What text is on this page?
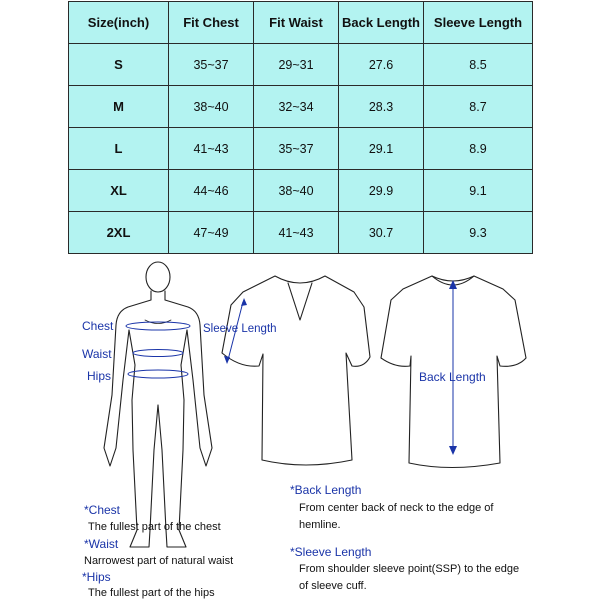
Size(inch)	Fit Chest	Fit Waist	Back Length	Sleeve Length
S	35~37	29~31	27.6	8.5
M	38~40	32~34	28.3	8.7
L	41~43	35~37	29.1	8.9
XL	44~46	38~40	29.9	9.1
2XL	47~49	41~43	30.7	9.3
Chest
Waist
Hips
Sleeve Length
Back Length
*Chest
The fullest part of the chest
*Waist
Narrowest part of natural waist
*Hips
The fullest part of the hips
*Back Length
From center back of neck to the edge of
hemline.
*Sleeve Length
From shoulder sleeve point(SSP) to the edge
of sleeve cuff.
